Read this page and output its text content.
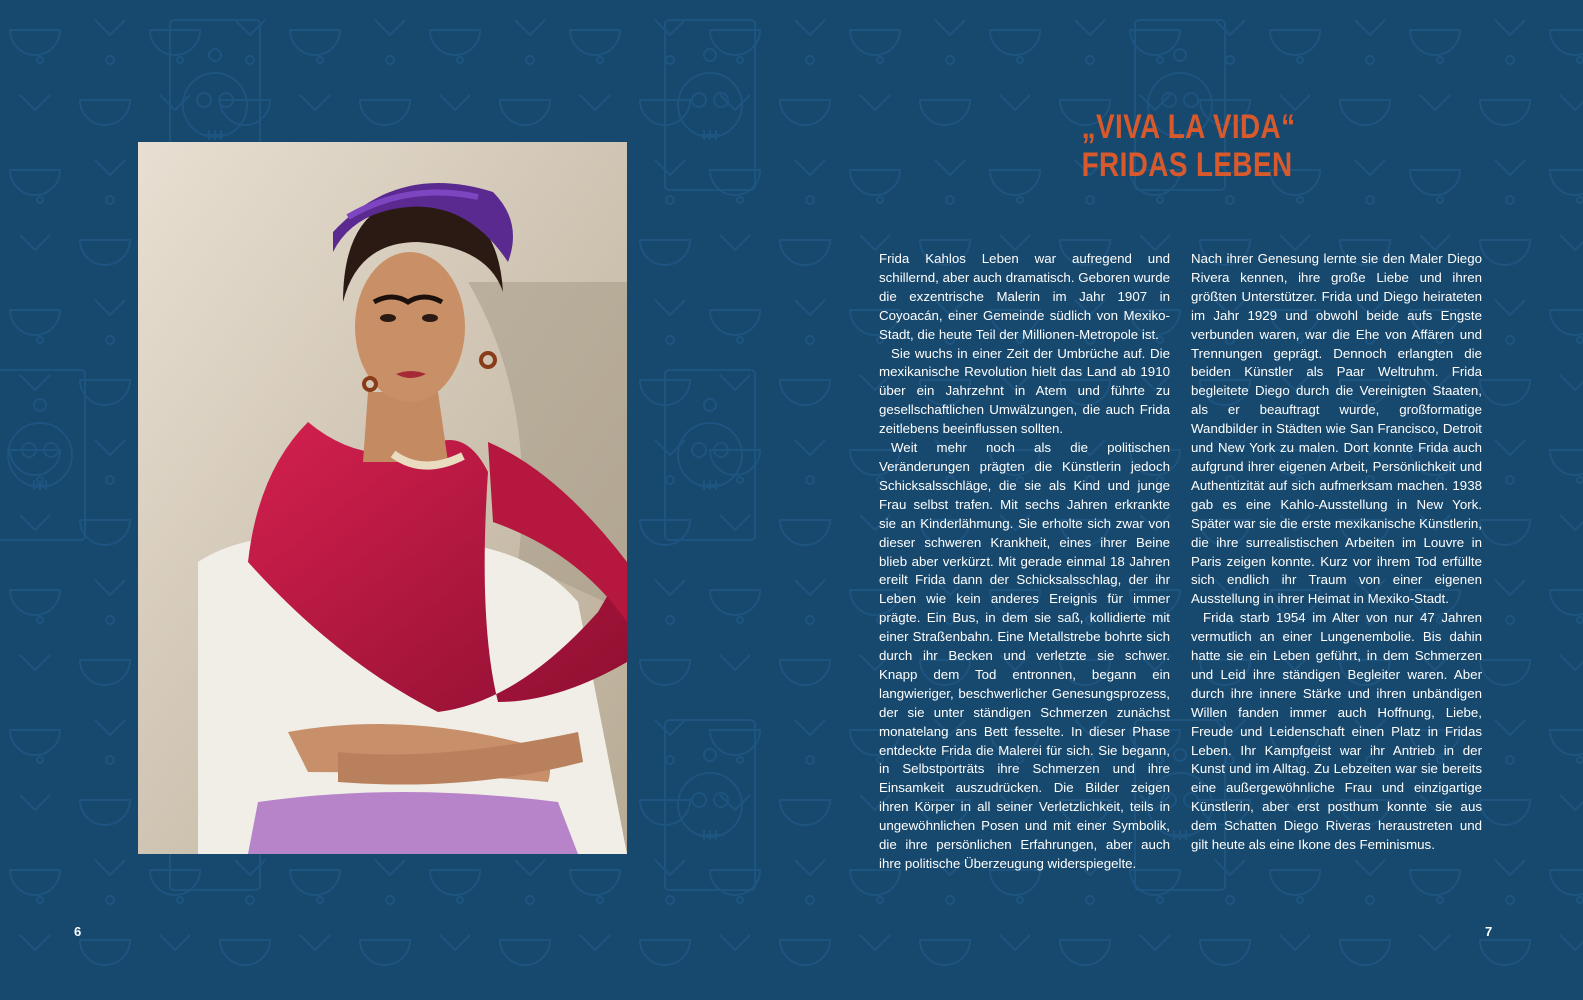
6
„VIVA LA VIDA“
FRIDAS LEBEN

Frida Kahlos Leben war aufregend und schillernd, aber auch dramatisch. Geboren wurde die exzentrische Malerin im Jahr 1907 in Coyoacán, einer Gemeinde südlich von Mexiko-Stadt, die heute Teil der Millionen-Metropole ist.

Sie wuchs in einer Zeit der Umbrüche auf. Die mexikanische Revolution hielt das Land ab 1910 über ein Jahrzehnt in Atem und führte zu gesellschaftlichen Umwälzungen, die auch Frida zeitlebens beeinflussen sollten.

Weit mehr noch als die politischen Veränderungen prägten die Künstlerin jedoch Schicksalsschläge, die sie als Kind und junge Frau selbst trafen. Mit sechs Jahren erkrankte sie an Kinderlähmung. Sie erholte sich zwar von dieser schweren Krankheit, eines ihrer Beine blieb aber verkürzt. Mit gerade einmal 18 Jahren ereilt Frida dann der Schicksalsschlag, der ihr Leben wie kein anderes Ereignis für immer prägte. Ein Bus, in dem sie saß, kollidierte mit einer Straßenbahn. Eine Metallstrebe bohrte sich durch ihr Becken und verletzte sie schwer. Knapp dem Tod entronnen, begann ein langwieriger, beschwerlicher Genesungsprozess, der sie unter ständigen Schmerzen zunächst monatelang ans Bett fesselte. In dieser Phase entdeckte Frida die Malerei für sich. Sie begann, in Selbstporträts ihre Schmerzen und ihre Einsamkeit auszudrücken. Die Bilder zeigen ihren Körper in all seiner Verletzlichkeit, teils in ungewöhnlichen Posen und mit einer Symbolik, die ihre persönlichen Erfahrungen, aber auch ihre politische Überzeugung widerspiegelte.

Nach ihrer Genesung lernte sie den Maler Diego Rivera kennen, ihre große Liebe und ihren größten Unterstützer. Frida und Diego heirateten im Jahr 1929 und obwohl beide aufs Engste verbunden waren, war die Ehe von Affären und Trennungen geprägt. Dennoch erlangten die beiden Künstler als Paar Weltruhm. Frida begleitete Diego durch die Vereinigten Staaten, als er beauftragt wurde, großformatige Wandbilder in Städten wie San Francisco, Detroit und New York zu malen. Dort konnte Frida auch aufgrund ihrer eigenen Arbeit, Persönlichkeit und Authentizität auf sich aufmerksam machen. 1938 gab es eine Kahlo-Ausstellung in New York. Später war sie die erste mexikanische Künstlerin, die ihre surrealistischen Arbeiten im Louvre in Paris zeigen konnte. Kurz vor ihrem Tod erfüllte sich endlich ihr Traum von einer eigenen Ausstellung in ihrer Heimat in Mexiko-Stadt.

Frida starb 1954 im Alter von nur 47 Jahren vermutlich an einer Lungenembolie. Bis dahin hatte sie ein Leben geführt, in dem Schmerzen und Leid ihre ständigen Begleiter waren. Aber durch ihre innere Stärke und ihren unbändigen Willen fanden immer auch Hoffnung, Liebe, Freude und Leidenschaft einen Platz in Fridas Leben. Ihr Kampfgeist war ihr Antrieb in der Kunst und im Alltag. Zu Lebzeiten war sie bereits eine außergewöhnliche Frau und einzigartige Künstlerin, aber erst posthum konnte sie aus dem Schatten Diego Riveras heraustreten und gilt heute als eine Ikone des Feminismus.

7
